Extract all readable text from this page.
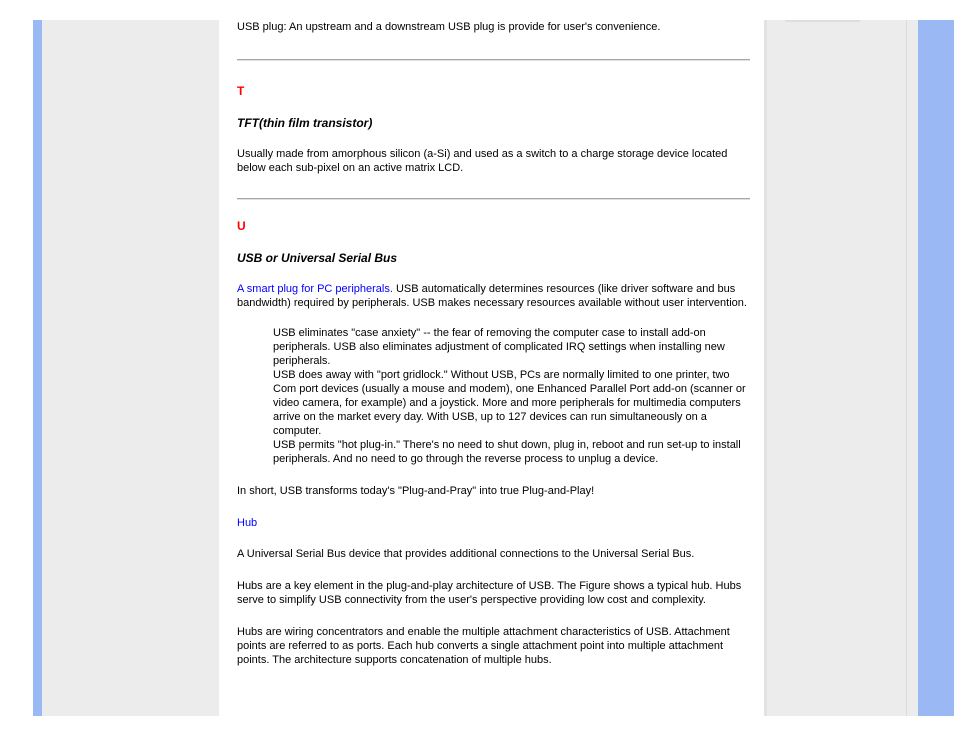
USB plug: An upstream and a downstream USB plug is provide for user's convenience.

T

TFT(thin film transistor)

Usually made from amorphous silicon (a-Si) and used as a switch to a charge storage device located below each sub-pixel on an active matrix LCD.

U

USB or Universal Serial Bus

A smart plug for PC peripherals. USB automatically determines resources (like driver software and bus bandwidth) required by peripherals. USB makes necessary resources available without user intervention.

USB eliminates "case anxiety" -- the fear of removing the computer case to install add-on peripherals. USB also eliminates adjustment of complicated IRQ settings when installing new peripherals.

USB does away with "port gridlock." Without USB, PCs are normally limited to one printer, two Com port devices (usually a mouse and modem), one Enhanced Parallel Port add-on (scanner or video camera, for example) and a joystick. More and more peripherals for multimedia computers arrive on the market every day. With USB, up to 127 devices can run simultaneously on a computer.

USB permits "hot plug-in." There's no need to shut down, plug in, reboot and run set-up to install peripherals. And no need to go through the reverse process to unplug a device.

In short, USB transforms today's "Plug-and-Pray" into true Plug-and-Play!

Hub

A Universal Serial Bus device that provides additional connections to the Universal Serial Bus.

Hubs are a key element in the plug-and-play architecture of USB. The Figure shows a typical hub. Hubs serve to simplify USB connectivity from the user's perspective providing low cost and complexity.

Hubs are wiring concentrators and enable the multiple attachment characteristics of USB. Attachment points are referred to as ports. Each hub converts a single attachment point into multiple attachment points. The architecture supports concatenation of multiple hubs.
